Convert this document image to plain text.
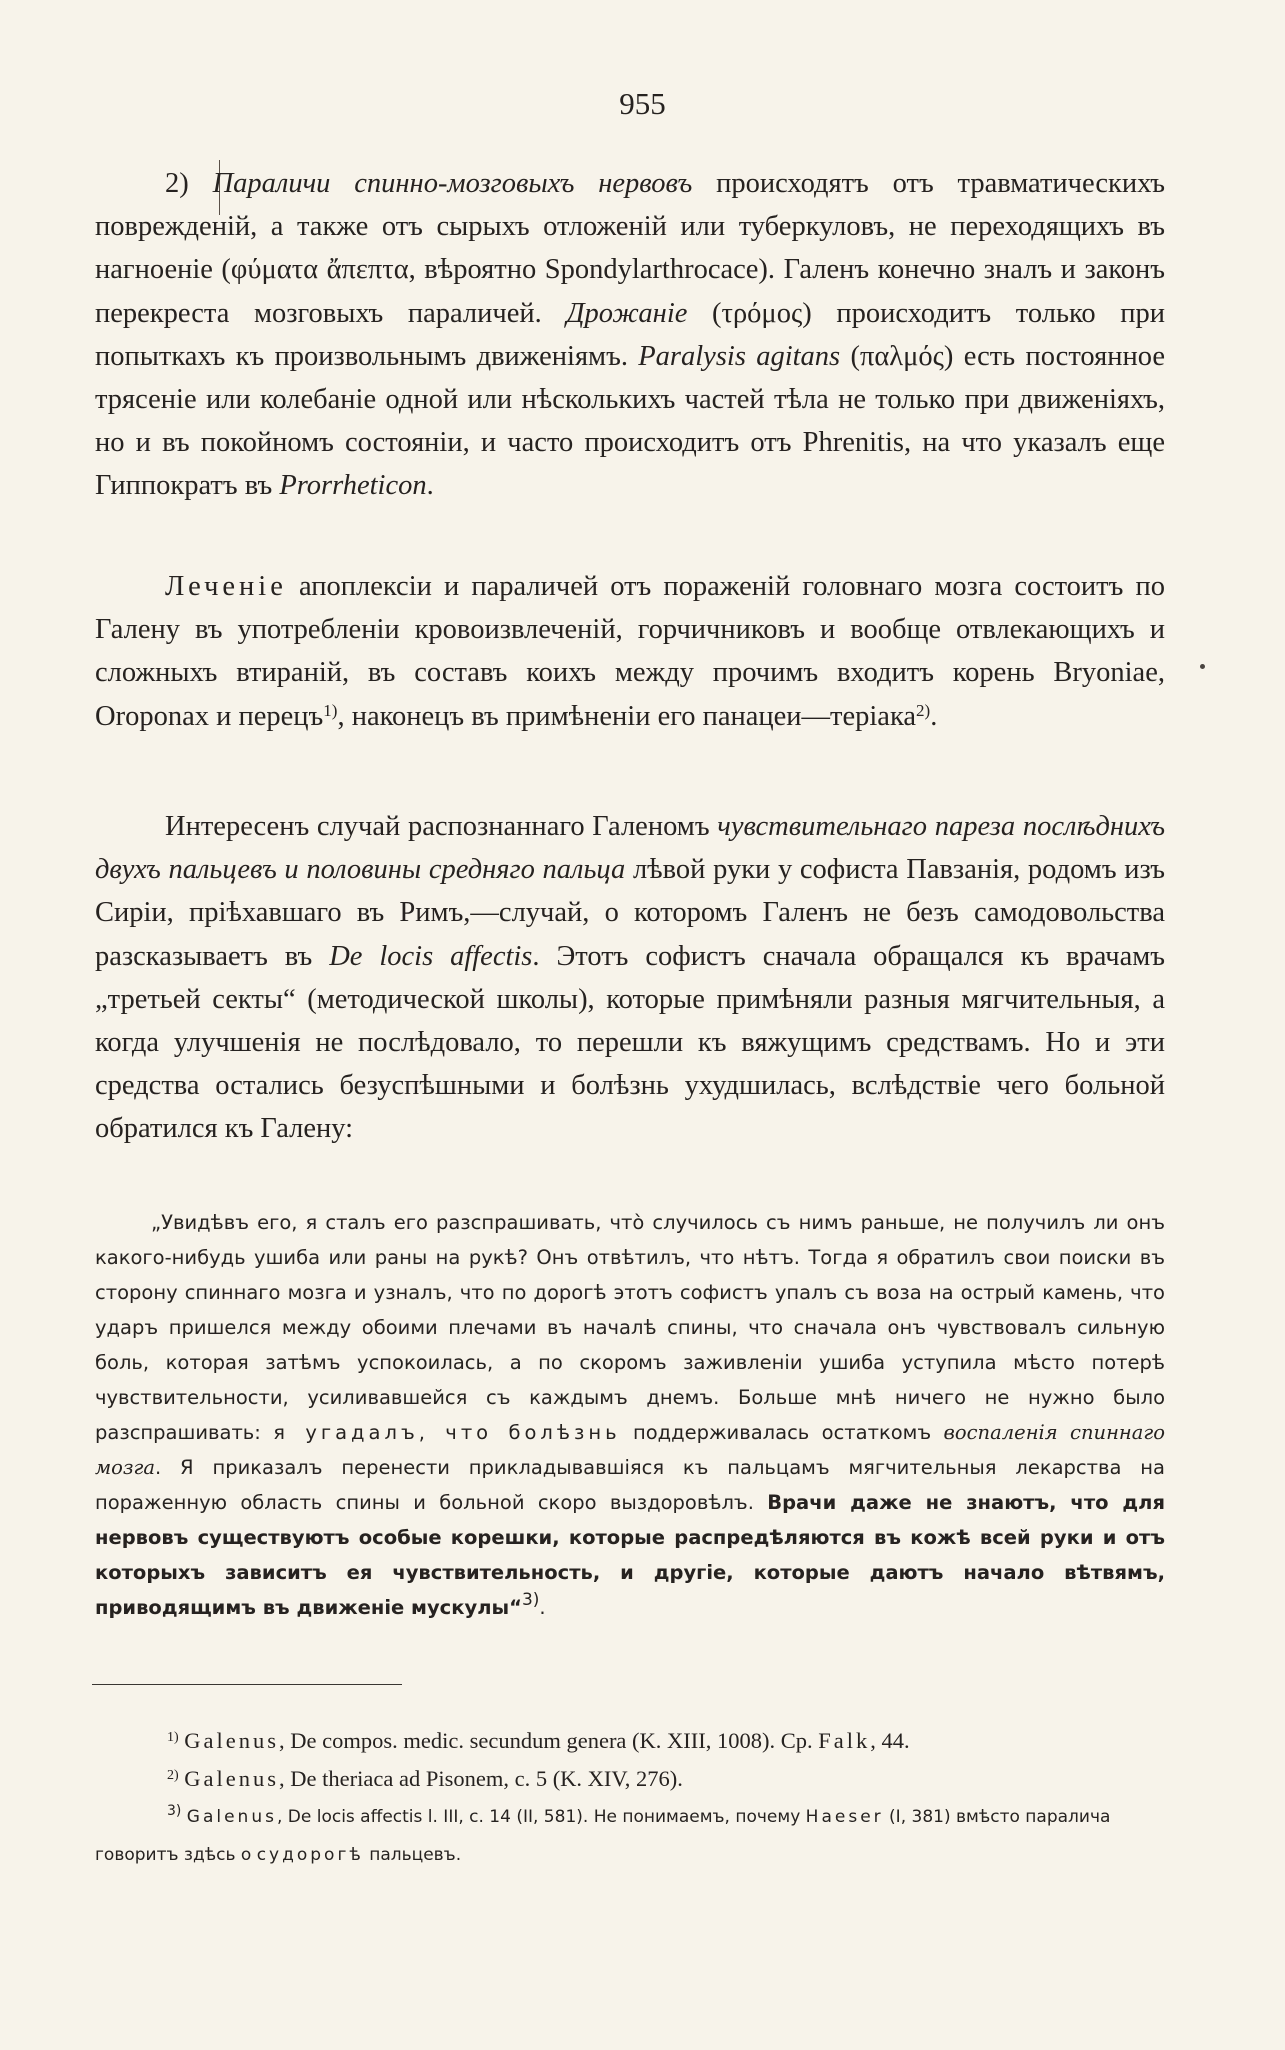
955

2) Параличи спинно-мозговыхъ нервовъ происходятъ отъ травматическихъ поврежденій, а также отъ сырыхъ отложеній или туберкуловъ, не переходящихъ въ нагноеніе (φύματα ἄπεπτα, вѣроятно Spondylarthrocace). Галенъ конечно зналъ и законъ перекреста мозговыхъ параличей. Дрожаніе (τρόμος) происходитъ только при попыткахъ къ произвольнымъ движеніямъ. Paralysis agitans (παλμός) есть постоянное трясеніе или колебаніе одной или нѣсколькихъ частей тѣла не только при движеніяхъ, но и въ покойномъ состояніи, и часто происходитъ отъ Phrenitis, на что указалъ еще Гиппократъ въ Prorrheticon.

Леченіе апоплексіи и параличей отъ пораженій головнаго мозга состоитъ по Галену въ употребленіи кровоизвлеченій, горчичниковъ и вообще отвлекающихъ и сложныхъ втираній, въ составъ коихъ между прочимъ входитъ корень Bryoniae, Oroponax и перецъ$^{1)}$, наконецъ въ примѣненіи его панацеи—теріака$^{2)}$.

Интересенъ случай распознаннаго Галеномъ чувствительнаго пареза послѣднихъ двухъ пальцевъ и половины средняго пальца лѣвой руки у софиста Павзанія, родомъ изъ Сиріи, пріѣхавшаго въ Римъ,—случай, о которомъ Галенъ не безъ самодовольства разсказываетъ въ De locis affectis. Этотъ софистъ сначала обращался къ врачамъ „третьей секты“ (методической школы), которые примѣняли разныя мягчительныя, а когда улучшенія не послѣдовало, то перешли къ вяжущимъ средствамъ. Но и эти средства остались безуспѣшными и болѣзнь ухудшилась, вслѣдствіе чего больной обратился къ Галену:

„Увидѣвъ его, я сталъ его разспрашивать, что̀ случилось съ нимъ раньше, не получилъ ли онъ какого-нибудь ушиба или раны на рукѣ? Онъ отвѣтилъ, что нѣтъ. Тогда я обратилъ свои поиски въ сторону спиннаго мозга и узналъ, что по дорогѣ этотъ софистъ упалъ съ воза на острый камень, что ударъ пришелся между обоими плечами въ началѣ спины, что сначала онъ чувствовалъ сильную боль, которая затѣмъ успокоилась, а по скоромъ заживленіи ушиба уступила мѣсто потерѣ чувствительности, усиливавшейся съ каждымъ днемъ. Больше мнѣ ничего не нужно было разспрашивать: я угадалъ, что болѣзнь поддерживалась остаткомъ воспаленія спиннаго мозга. Я приказалъ перенести прикладывавшіяся къ пальцамъ мягчительныя лекарства на пораженную область спины и больной скоро выздоровѣлъ. Врачи даже не знаютъ, что для нервовъ существуютъ особые корешки, которые распредѣляются въ кожѣ всей руки и отъ которыхъ зависитъ ея чувствительность, и другіе, которые даютъ начало вѣтвямъ, приводящимъ въ движеніе мускулы“$^{3)}$.

$^{1)}$ Galenus, De compos. medic. secundum genera (K. XIII, 1008). Cp. Falk, 44.

$^{2)}$ Galenus, De theriaca ad Pisonem, c. 5 (K. XIV, 276).

$^{3)}$ Galenus, De locis affectis l. III, c. 14 (II, 581). Не понимаемъ, почему Haeser (I, 381) вмѣсто паралича говоритъ здѣсь о судорогѣ пальцевъ.
